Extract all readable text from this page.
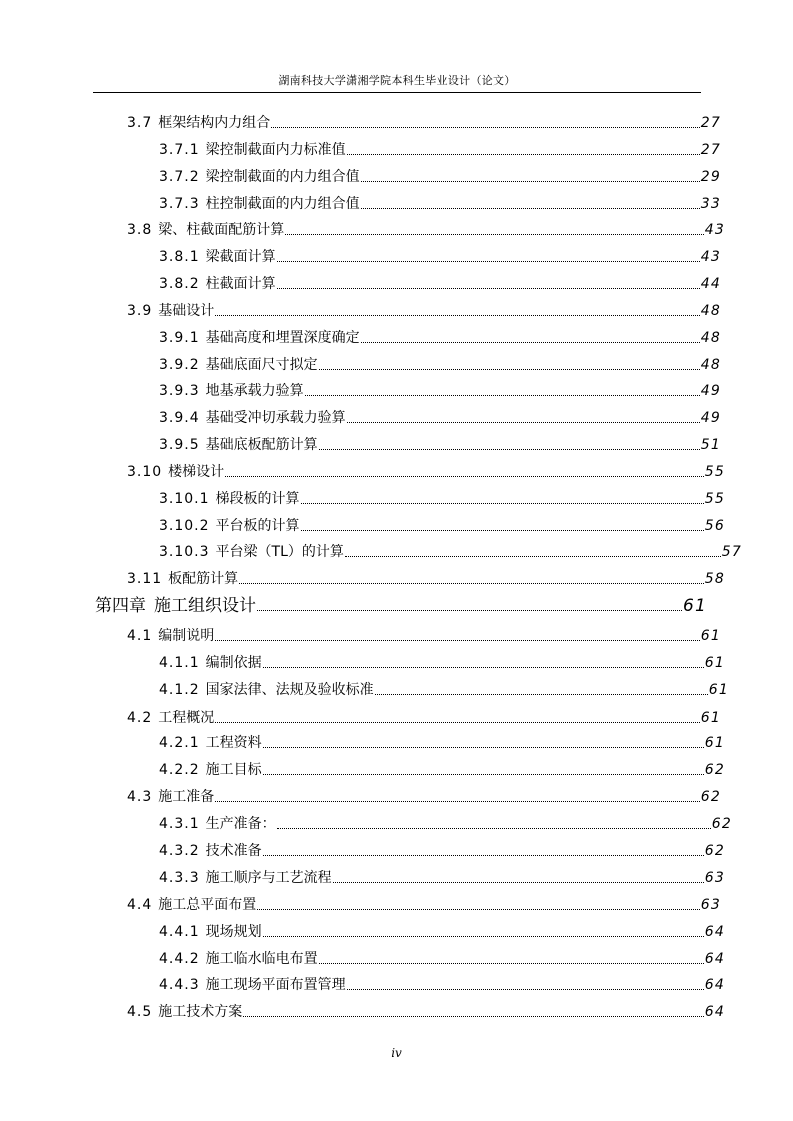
湖南科技大学潇湘学院本科生毕业设计（论文）
3.7 框架结构内力组合	27
3.7.1 梁控制截面内力标准值	27
3.7.2 梁控制截面的内力组合值	29
3.7.3 柱控制截面的内力组合值	33
3.8 梁、柱截面配筋计算	43
3.8.1 梁截面计算	43
3.8.2 柱截面计算	44
3.9 基础设计	48
3.9.1 基础高度和埋置深度确定	48
3.9.2 基础底面尺寸拟定	48
3.9.3 地基承载力验算	49
3.9.4 基础受冲切承载力验算	49
3.9.5 基础底板配筋计算	51
3.10 楼梯设计	55
3.10.1 梯段板的计算	55
3.10.2 平台板的计算	56
3.10.3 平台梁（TL）的计算	57
3.11 板配筋计算	58
第四章 施工组织设计	61
4.1 编制说明	61
4.1.1 编制依据	61
4.1.2 国家法律、法规及验收标准	61
4.2 工程概况	61
4.2.1 工程资料	61
4.2.2 施工目标	62
4.3 施工准备	62
4.3.1 生产准备：	62
4.3.2 技术准备	62
4.3.3 施工顺序与工艺流程	63
4.4 施工总平面布置	63
4.4.1 现场规划	64
4.4.2 施工临水临电布置	64
4.4.3 施工现场平面布置管理	64
4.5 施工技术方案	64
iv
